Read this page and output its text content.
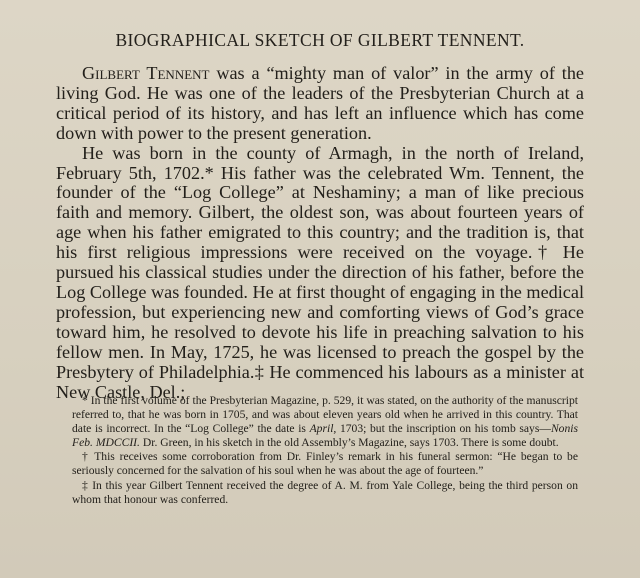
BIOGRAPHICAL SKETCH OF GILBERT TENNENT.

Gilbert Tennent was a “mighty man of valor” in the army of the living God. He was one of the leaders of the Presbyterian Church at a critical period of its history, and has left an influence which has come down with power to the present generation.

He was born in the county of Armagh, in the north of Ireland, February 5th, 1702.* His father was the celebrated Wm. Tennent, the founder of the “Log College” at Neshaminy; a man of like precious faith and memory. Gilbert, the oldest son, was about fourteen years of age when his father emigrated to this country; and the tradition is, that his first religious impressions were received on the voyage.† He pursued his classical studies under the direction of his father, before the Log College was founded. He at first thought of engaging in the medical profession, but experiencing new and comforting views of God’s grace toward him, he resolved to devote his life in preaching salvation to his fellow men. In May, 1725, he was licensed to preach the gospel by the Presbytery of Philadelphia.‡ He commenced his labours as a minister at New Castle, Del.;

* In the first volume of the Presbyterian Magazine, p. 529, it was stated, on the authority of the manuscript referred to, that he was born in 1705, and was about eleven years old when he arrived in this country. That date is incorrect. In the “Log College” the date is April, 1703; but the inscription on his tomb says—Nonis Feb. MDCCII. Dr. Green, in his sketch in the old Assembly’s Magazine, says 1703. There is some doubt.

† This receives some corroboration from Dr. Finley’s remark in his funeral sermon: “He began to be seriously concerned for the salvation of his soul when he was about the age of fourteen.”

‡ In this year Gilbert Tennent received the degree of A. M. from Yale College, being the third person on whom that honour was conferred.
